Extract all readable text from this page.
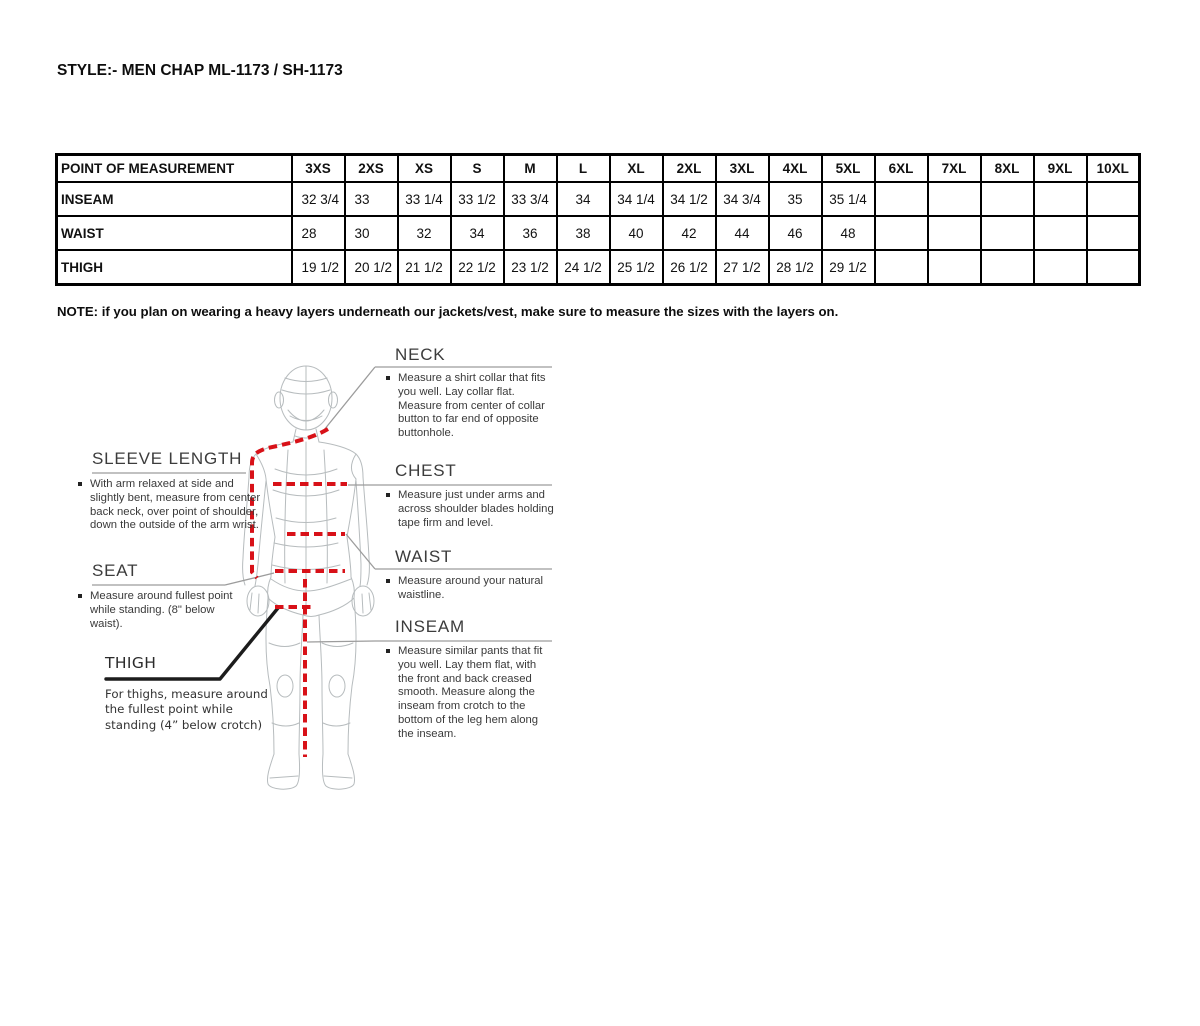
STYLE:- MEN CHAP ML-1173 / SH-1173
POINT OF MEASUREMENT	3XS	2XS	XS	S	M	L	XL	2XL	3XL	4XL	5XL	6XL	7XL	8XL	9XL	10XL
INSEAM	32 3/4	33	33 1/4	33 1/2	33 3/4	34	34 1/4	34 1/2	34 3/4	35	35 1/4					
WAIST	28	30	32	34	36	38	40	42	44	46	48					
THIGH	19 1/2	20 1/2	21 1/2	22 1/2	23 1/2	24 1/2	25 1/2	26 1/2	27 1/2	28 1/2	29 1/2					
NOTE: if you plan on wearing a heavy layers underneath our jackets/vest, make sure to measure the sizes with the layers on.
NECK
Measure a shirt collar that fits you well. Lay collar flat. Measure from center of collar button to far end of opposite buttonhole.
CHEST
Measure just under arms and across shoulder blades holding tape firm and level.
WAIST
Measure around your natural waistline.
INSEAM
Measure similar pants that fit you well. Lay them flat, with the front and back creased smooth. Measure along the inseam from crotch to the bottom of the leg hem along the inseam.
SLEEVE LENGTH
With arm relaxed at side and slightly bent, measure from center back neck, over point of shoulder, down the outside of the arm wrist.
SEAT
Measure around fullest point while standing. (8" below waist).
THIGH
For thighs, measure around the fullest point while standing (4” below crotch)
